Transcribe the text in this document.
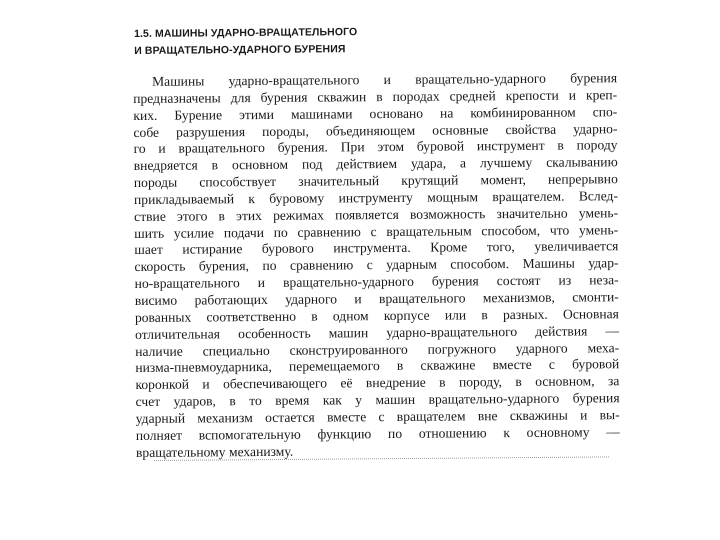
1.5. МАШИНЫ УДАРНО-ВРАЩАТЕЛЬНОГО
И ВРАЩАТЕЛЬНО-УДАРНОГО БУРЕНИЯ
Машины ударно-вращательного и вращательно-ударного бурения
предназначены для бурения скважин в породах средней крепости и креп-
ких. Бурение этими машинами основано на комбинированном спо-
собе разрушения породы, объединяющем основные свойства ударно-
го и вращательного бурения. При этом буровой инструмент в породу
внедряется в основном под действием удара, а лучшему скалыванию
породы способствует значительный крутящий момент, непрерывно
прикладываемый к буровому инструменту мощным вращателем. Вслед-
ствие этого в этих режимах появляется возможность значительно умень-
шить усилие подачи по сравнению с вращательным способом, что умень-
шает истирание бурового инструмента. Кроме того, увеличивается
скорость бурения, по сравнению с ударным способом. Машины удар-
но-вращательного и вращательно-ударного бурения состоят из неза-
висимо работающих ударного и вращательного механизмов, смонти-
рованных соответственно в одном корпусе или в разных. Основная
отличительная особенность машин ударно-вращательного действия —
наличие специально сконструированного погружного ударного меха-
низма-пневмоударника, перемещаемого в скважине вместе с буровой
коронкой и обеспечивающего её внедрение в породу, в основном, за
счет ударов, в то время как у машин вращательно-ударного бурения
ударный механизм остается вместе с вращателем вне скважины и вы-
полняет вспомогательную функцию по отношению к основному —
вращательному механизму.
